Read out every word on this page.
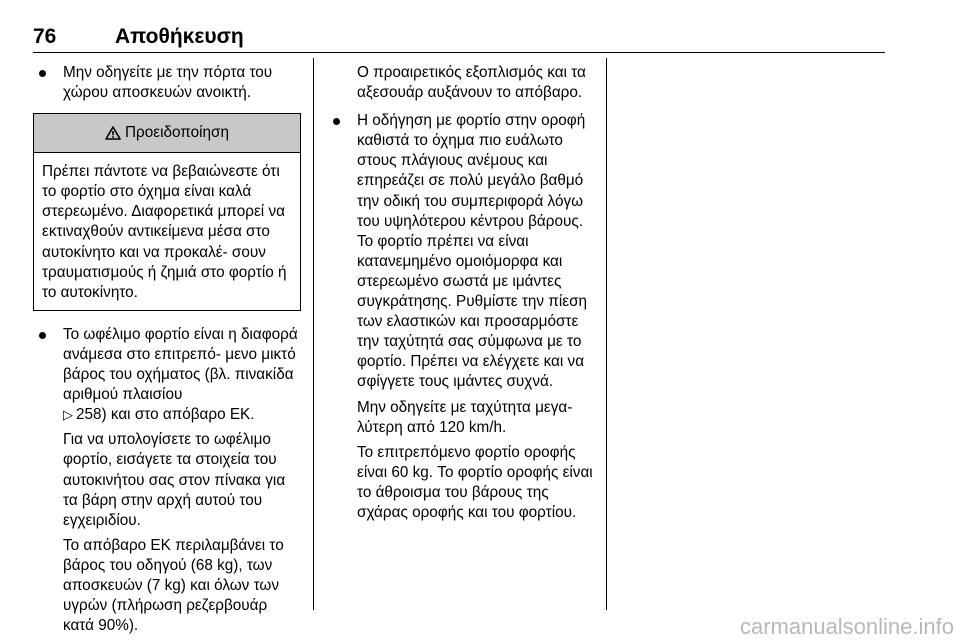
76	Αποθήκευση
Μην οδηγείτε με την πόρτα του χώρου αποσκευών ανοικτή.
Προειδοποίηση
Πρέπει πάντοτε να βεβαιώνεστε ότι το φορτίο στο όχημα είναι καλά στερεωμένο. Διαφορετικά μπορεί να εκτιναχθούν αντικείμενα μέσα στο αυτοκίνητο και να προκαλέ- σουν τραυματισμούς ή ζημιά στο φορτίο ή το αυτοκίνητο.
Το ωφέλιμο φορτίο είναι η διαφορά ανάμεσα στο επιτρεπό- μενο μικτό βάρος του οχήματος (βλ. πινακίδα αριθμού πλαισίου
▷ 258) και στο απόβαρο ΕΚ.

Για να υπολογίσετε το ωφέλιμο φορτίο, εισάγετε τα στοιχεία του αυτοκινήτου σας στον πίνακα για τα βάρη στην αρχή αυτού του εγχειριδίου.

Το απόβαρο ΕΚ περιλαμβάνει το βάρος του οδηγού (68 kg), των αποσκευών (7 kg) και όλων των υγρών (πλήρωση ρεζερβουάρ κατά 90%).

Ο προαιρετικός εξοπλισμός και τα αξεσουάρ αυξάνουν το απόβαρο.

Η οδήγηση με φορτίο στην οροφή καθιστά το όχημα πιο ευάλωτο στους πλάγιους ανέμους και επηρεάζει σε πολύ μεγάλο βαθμό την οδική του συμπεριφορά λόγω του υψηλότερου κέντρου βάρους. Το φορτίο πρέπει να είναι κατανεμημένο ομοιόμορφα και στερεωμένο σωστά με ιμάντες συγκράτησης. Ρυθμίστε την πίεση των ελαστικών και προσαρμόστε την ταχύτητά σας σύμφωνα με το φορτίο. Πρέπει να ελέγχετε και να σφίγγετε τους ιμάντες συχνά.

Μην οδηγείτε με ταχύτητα μεγα- λύτερη από 120 km/h.

Το επιτρεπόμενο φορτίο οροφής είναι 60 kg. Το φορτίο οροφής είναι το άθροισμα του βάρους της σχάρας οροφής και του φορτίου.

carmanualsonline.info
